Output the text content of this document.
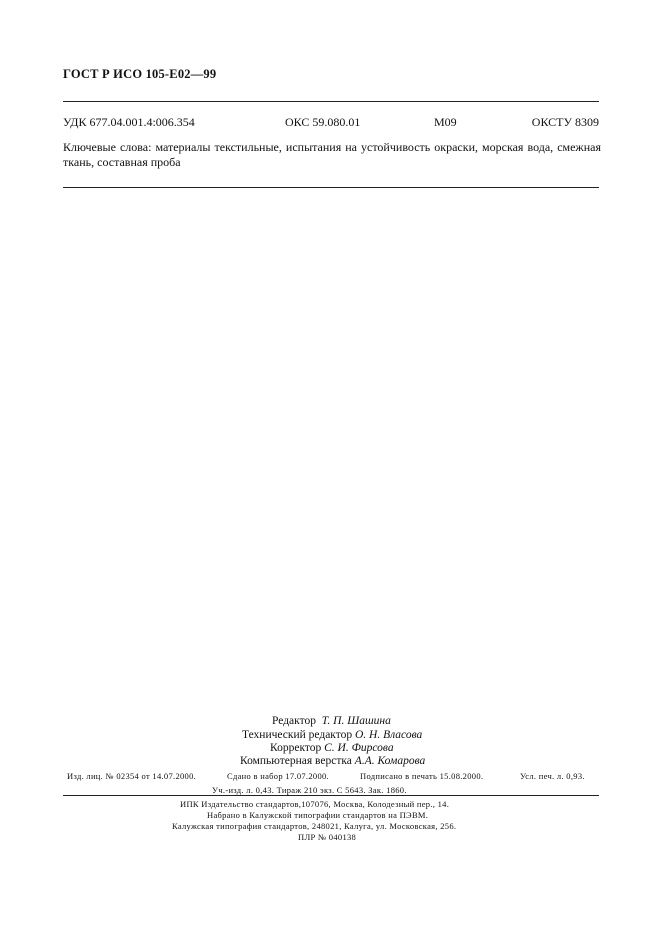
ГОСТ Р ИСО 105-Е02—99
УДК 677.04.001.4:006.354	ОКС 59.080.01	М09	ОКСТУ 8309
Ключевые слова: материалы текстильные, испытания на устойчивость окраски, морская вода, смежная ткань, составная проба
Редактор Т. П. Шашина
Технический редактор О. Н. Власова
Корректор С. И. Фирсова
Компьютерная верстка А.А. Комарова
Изд. лиц. № 02354 от 14.07.2000.	Сдано в набор 17.07.2000.	Подписано в печать 15.08.2000.	Усл. печ. л. 0,93.
Уч.-изд. л. 0,43. Тираж 210 экз. С 5643. Зак. 1860.
ИПК Издательство стандартов,107076, Москва, Колодезный пер., 14.
Набрано в Калужской типографии стандартов на ПЭВМ.
Калужская типография стандартов, 248021, Калуга, ул. Московская, 256.
ПЛР № 040138
